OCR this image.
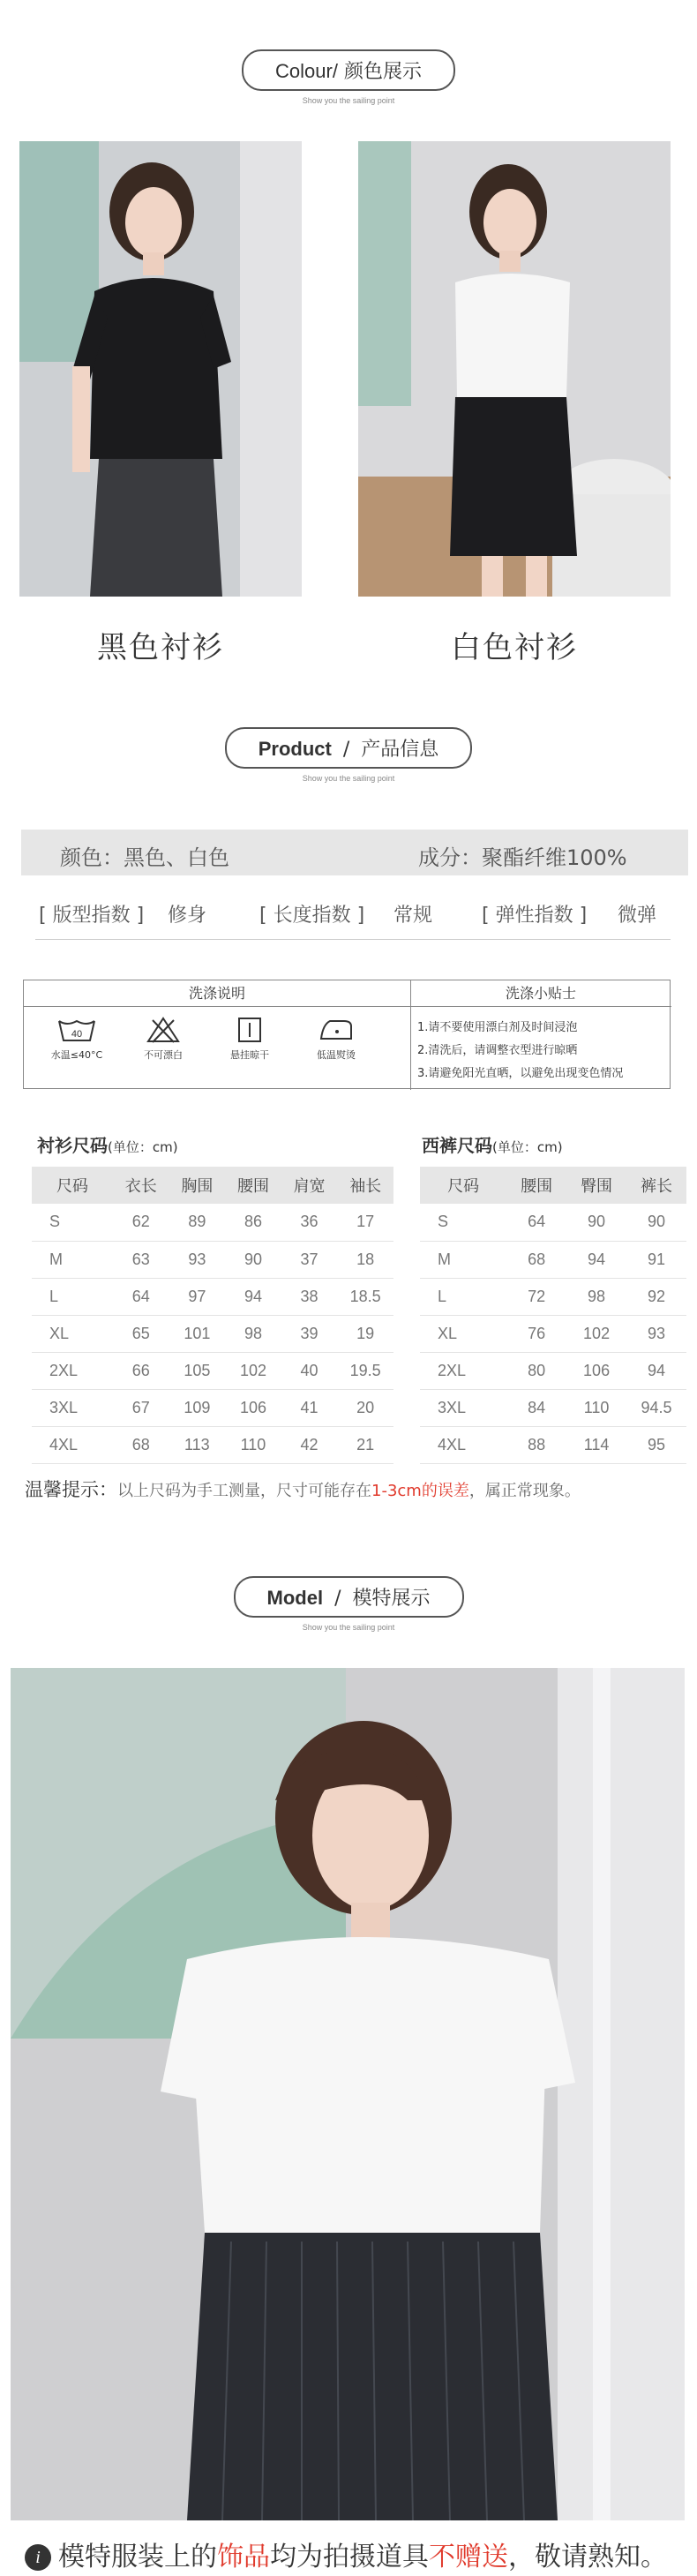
Colour/ 颜色展示
Show you the sailing point
黑色衬衫	白色衬衫
Product / 产品信息
Show you the sailing point
颜色：黑色、白色	成分：聚酯纤维100%
[ 版型指数 ] 修身	[ 长度指数 ] 常规	[ 弹性指数 ] 微弹
洗涤说明	洗涤小贴士
40
水温≤40°C	不可漂白	悬挂晾干	低温熨烫
1.请不要使用漂白剂及时间浸泡
2.清洗后，请调整衣型进行晾晒
3.请避免阳光直晒，以避免出现变色情况
衬衫尺码(单位：cm)	西裤尺码(单位：cm)
尺码	衣长	胸围	腰围	肩宽	袖长
S	62	89	86	36	17
M	63	93	90	37	18
L	64	97	94	38	18.5
XL	65	101	98	39	19
2XL	66	105	102	40	19.5
3XL	67	109	106	41	20
4XL	68	113	110	42	21
尺码	腰围	臀围	裤长
S	64	90	90
M	68	94	91
L	72	98	92
XL	76	102	93
2XL	80	106	94
3XL	84	110	94.5
4XL	88	114	95
温馨提示：以上尺码为手工测量，尺寸可能存在1-3cm的误差，属正常现象。
Model / 模特展示
Show you the sailing point
i 模特服装上的饰品均为拍摄道具不赠送，敬请熟知。
